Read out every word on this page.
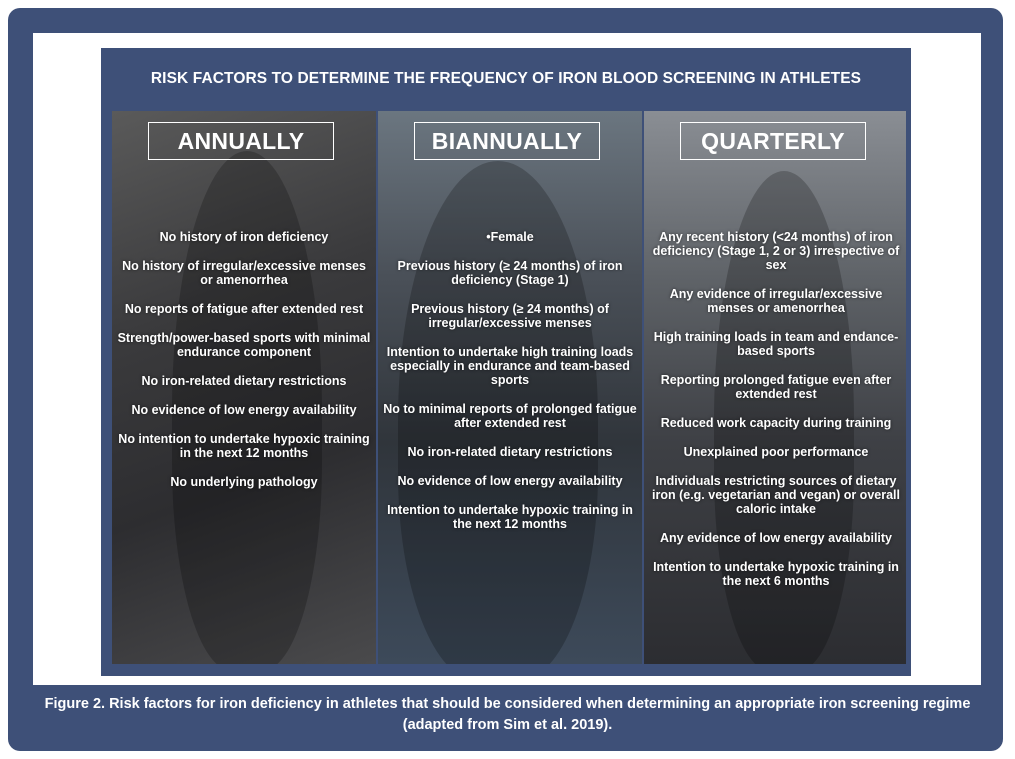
RISK FACTORS TO DETERMINE THE FREQUENCY OF IRON BLOOD SCREENING IN ATHLETES
ANNUALLY
No history of iron deficiency
No history of irregular/excessive menses or amenorrhea
No reports of fatigue after extended rest
Strength/power-based sports with minimal endurance component
No iron-related dietary restrictions
No evidence of low energy availability
No intention to undertake hypoxic training in the next 12 months
No underlying pathology
BIANNUALLY
•Female
Previous history (≥ 24 months) of iron deficiency (Stage 1)
Previous history (≥ 24 months) of irregular/excessive menses
Intention to undertake high training loads especially in endurance and team-based sports
No to minimal reports of prolonged fatigue after extended rest
No iron-related dietary restrictions
No evidence of low energy availability
Intention to undertake hypoxic training in the next 12 months
QUARTERLY
Any recent history (<24 months) of iron deficiency (Stage 1, 2 or 3) irrespective of sex
Any evidence of irregular/excessive menses or amenorrhea
High training loads in team and endance-based sports
Reporting prolonged fatigue even after extended rest
Reduced work capacity during training
Unexplained poor performance
Individuals restricting sources of dietary iron (e.g. vegetarian and vegan) or overall caloric intake
Any evidence of low energy availability
Intention to undertake hypoxic training in the next 6 months
Figure 2. Risk factors for iron deficiency in athletes that should be considered when determining an appropriate iron screening regime (adapted from Sim et al. 2019).
